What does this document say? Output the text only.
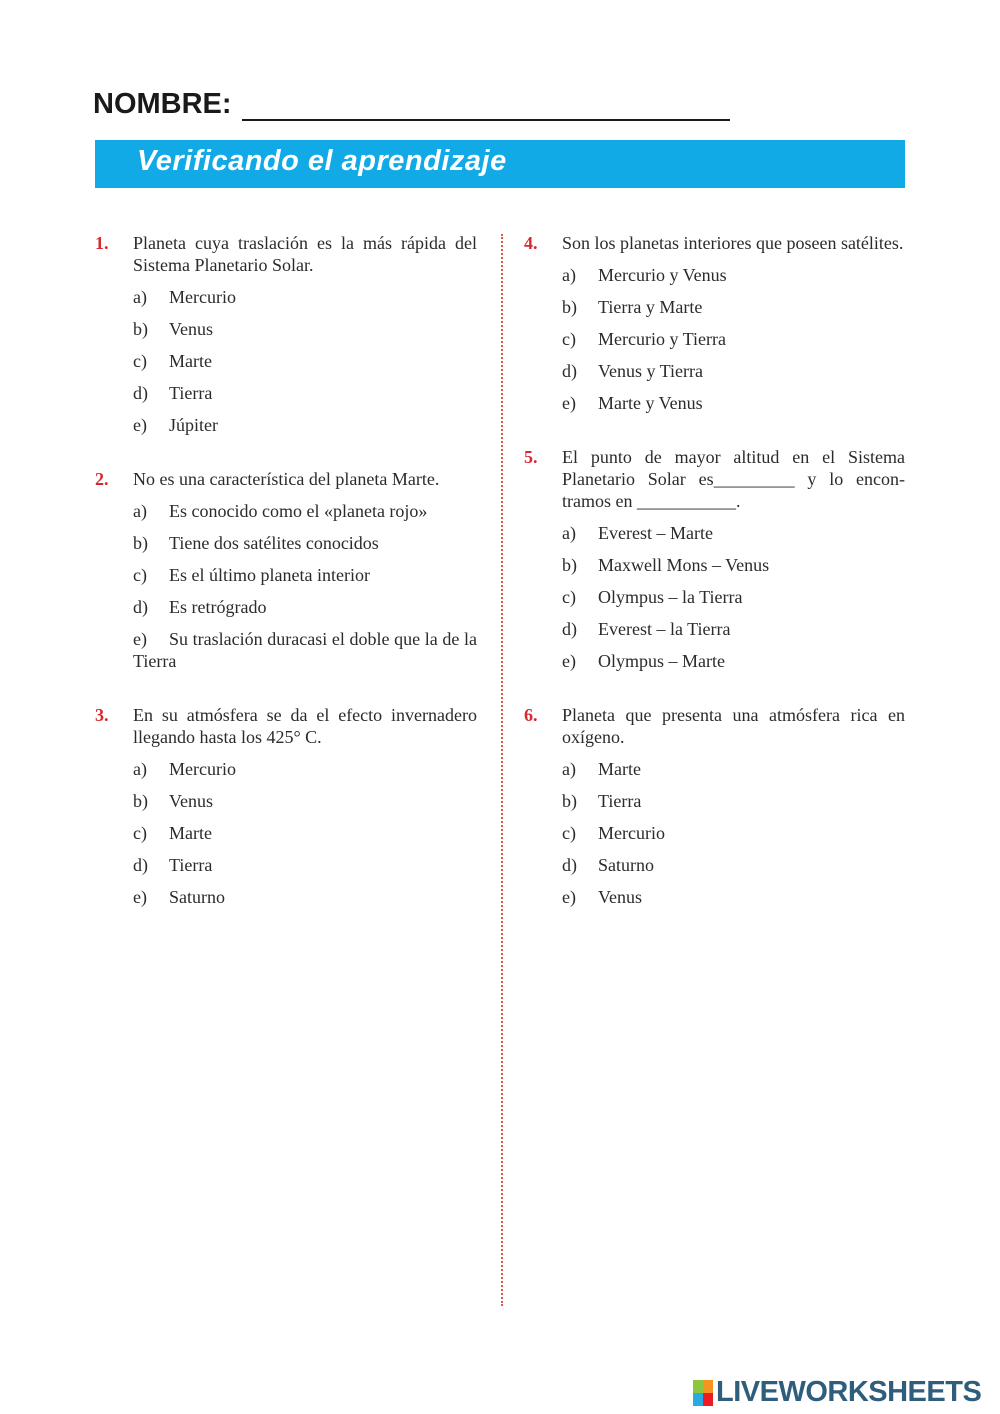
NOMBRE:
Verificando el aprendizaje
1. Planeta cuya traslación es la más rápida del Sistema Planetario Solar.
a)	Mercurio
b)	Venus
c)	Marte
d)	Tierra
e)	Júpiter
2. No es una característica del planeta Marte.
a)	Es conocido como el «planeta rojo»
b)	Tiene dos satélites conocidos
c)	Es el último planeta interior
d)	Es retrógrado
e) Su traslación duracasi el doble que la de la Tierra
3. En su atmósfera se da el efecto invernadero llegando hasta los 425° C.
a)	Mercurio
b)	Venus
c)	Marte
d)	Tierra
e)	Saturno
4. Son los planetas interiores que poseen satélites.
a)	Mercurio y Venus
b)	Tierra y Marte
c)	Mercurio y Tierra
d)	Venus y Tierra
e)	Marte y Venus
5. El punto de mayor altitud en el Sistema Planetario Solar es_________ y lo encon-tramos en ___________.
a)	Everest – Marte
b)	Maxwell Mons – Venus
c)	Olympus – la Tierra
d)	Everest – la Tierra
e)	Olympus – Marte
6. Planeta que presenta una atmósfera rica en oxígeno.
a)	Marte
b)	Tierra
c)	Mercurio
d)	Saturno
e)	Venus
LIVEWORKSHEETS
